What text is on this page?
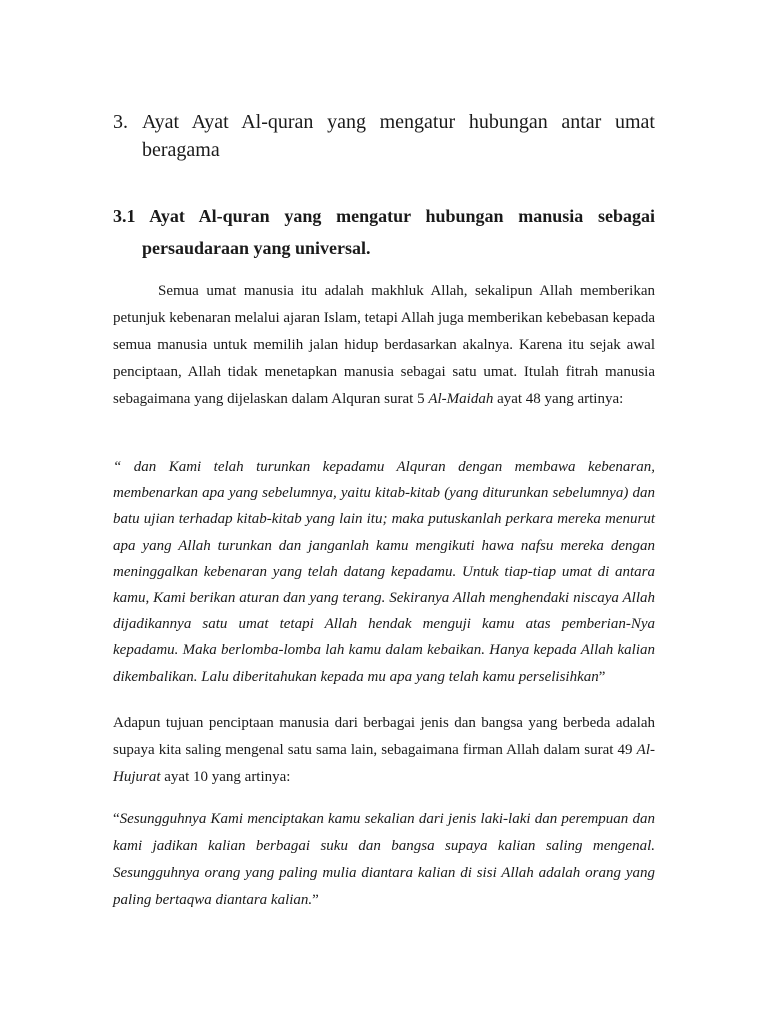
3. Ayat Ayat Al-quran yang mengatur hubungan antar umat beragama
3.1 Ayat Al-quran yang mengatur hubungan manusia sebagai persaudaraan yang universal.

Semua umat manusia itu adalah makhluk Allah, sekalipun Allah memberikan petunjuk kebenaran melalui ajaran Islam, tetapi Allah juga memberikan kebebasan kepada semua manusia untuk memilih jalan hidup berdasarkan akalnya. Karena itu sejak awal penciptaan, Allah tidak menetapkan manusia sebagai satu umat. Itulah fitrah manusia sebagaimana yang dijelaskan dalam Alquran surat 5 Al-Maidah ayat 48 yang artinya:

“ dan Kami telah turunkan kepadamu Alquran dengan membawa kebenaran, membenarkan apa yang sebelumnya, yaitu kitab-kitab (yang diturunkan sebelumnya) dan batu ujian terhadap kitab-kitab yang lain itu; maka putuskanlah perkara mereka menurut apa yang Allah turunkan dan janganlah kamu mengikuti hawa nafsu mereka dengan meninggalkan kebenaran yang telah datang kepadamu. Untuk tiap-tiap umat di antara kamu, Kami berikan aturan dan yang terang. Sekiranya Allah menghendaki niscaya Allah dijadikannya satu umat tetapi Allah hendak menguji kamu atas pemberian-Nya kepadamu. Maka berlomba-lomba lah kamu dalam kebaikan. Hanya kepada Allah kalian dikembalikan. Lalu diberitahukan kepada mu apa yang telah kamu perselisihkan”

Adapun tujuan penciptaan manusia dari berbagai jenis dan bangsa yang berbeda adalah supaya kita saling mengenal satu sama lain, sebagaimana firman Allah dalam surat 49 Al-Hujurat ayat 10 yang artinya:

“Sesungguhnya Kami menciptakan kamu sekalian dari jenis laki-laki dan perempuan dan kami jadikan kalian berbagai suku dan bangsa supaya kalian saling mengenal. Sesungguhnya orang yang paling mulia diantara kalian di sisi Allah adalah orang yang paling bertaqwa diantara kalian.”
